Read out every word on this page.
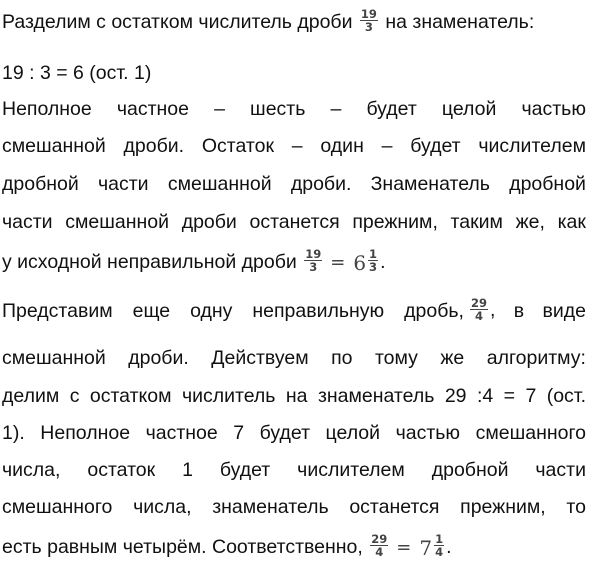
Разделим с остатком числитель дроби $\frac{19}{3}$ на знаменатель:
19 : 3 = 6 (ост. 1)
Неполное частное – шесть – будет целой частью
смешанной дроби. Остаток – один – будет числителем
дробной части смешанной дроби. Знаменатель дробной
части смешанной дроби останется прежним, таким же, как
у исходной неправильной дроби $\frac{19}{3} = 6 \frac{1}{3}$ .
Представим еще одну неправильную дробь, $\frac{29}{4}$ , в виде
смешанной дроби. Действуем по тому же алгоритму:
делим с остатком числитель на знаменатель 29 :4 = 7 (ост.
1). Неполное частное 7 будет целой частью смешанного
числа, остаток 1 будет числителем дробной части
смешанного числа, знаменатель останется прежним, то
есть равным четырём. Соответственно, $\frac{29}{4} = 7 \frac{1}{4}$ .
